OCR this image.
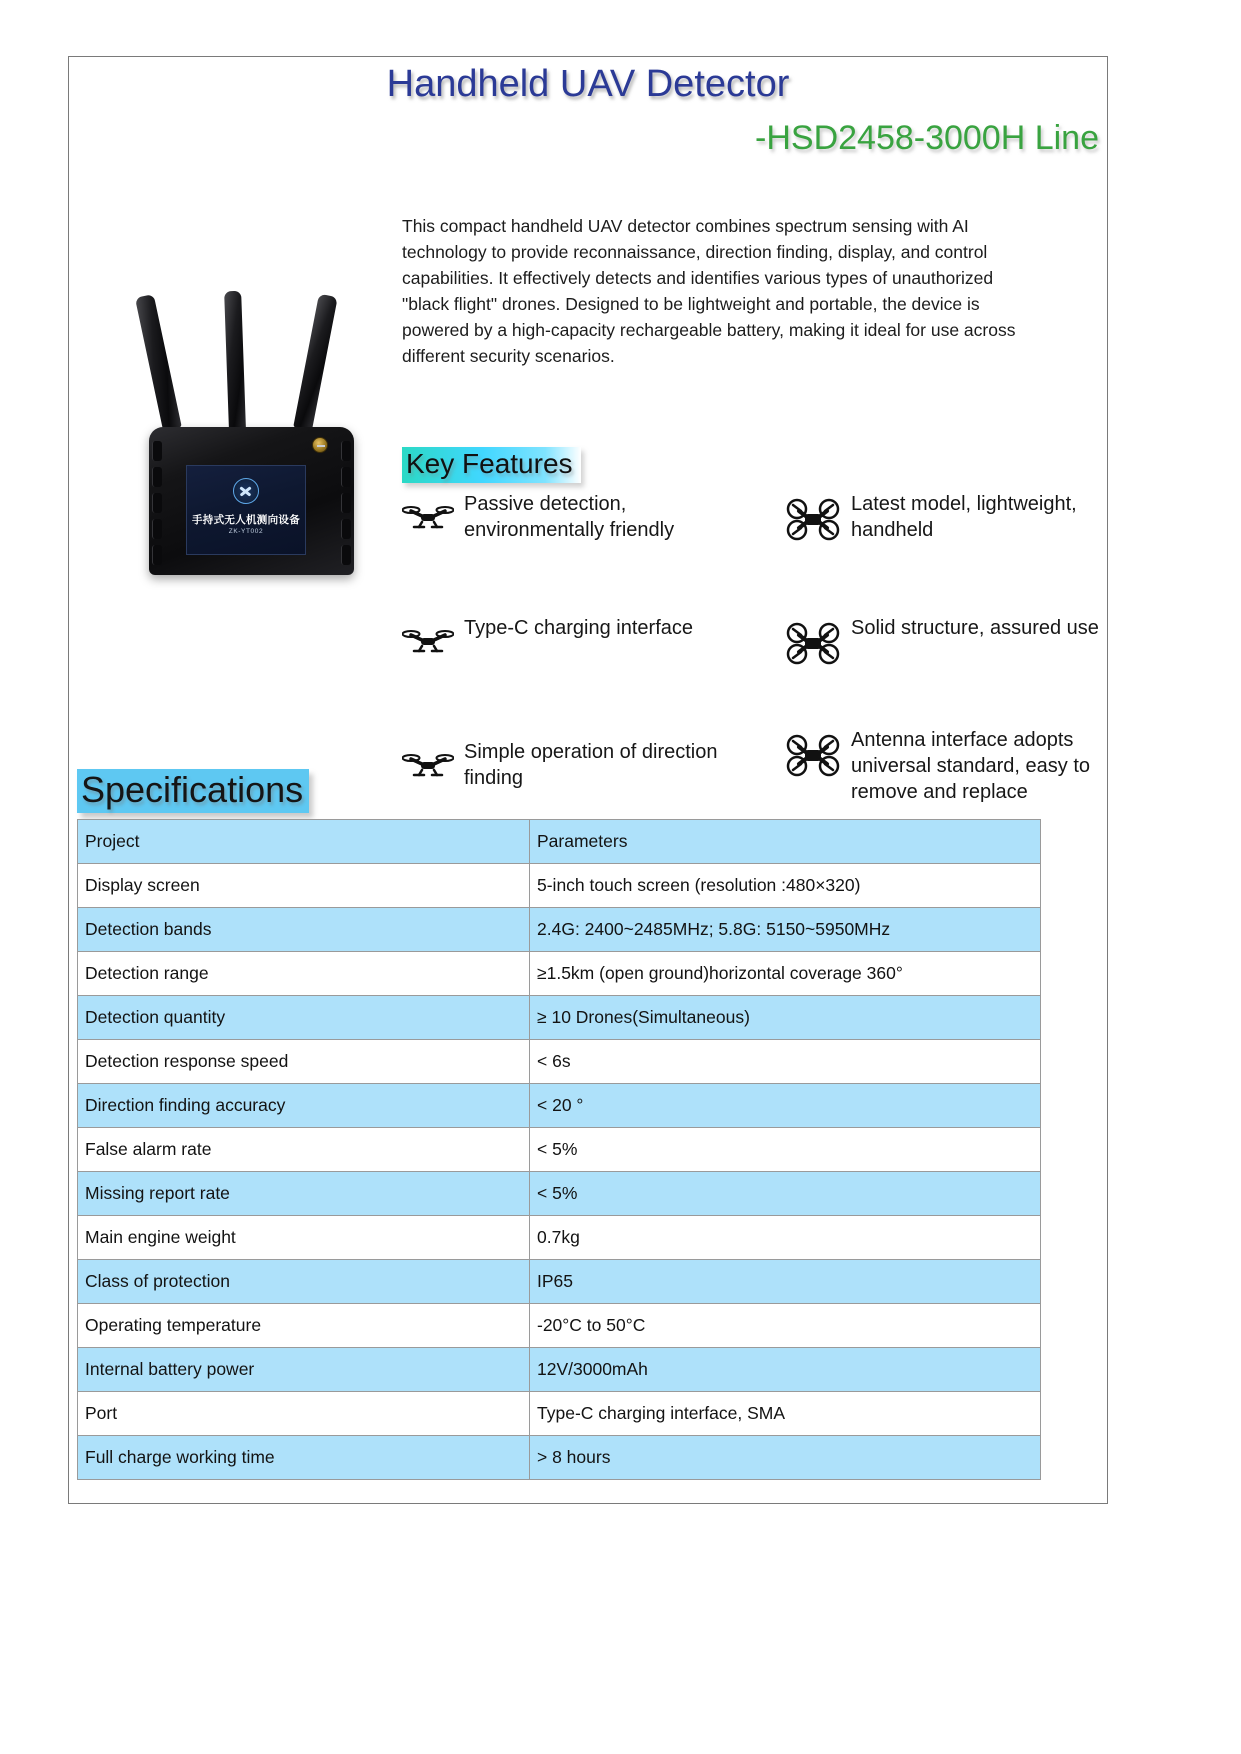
Handheld UAV Detector
-HSD2458-3000H Line
手持式无人机测向设备
ZK-YT002

This compact handheld UAV detector combines spectrum sensing with AI technology to provide reconnaissance, direction finding, display, and control capabilities. It effectively detects and identifies various types of unauthorized "black flight" drones. Designed to be lightweight and portable, the device is powered by a high-capacity rechargeable battery, making it ideal for use across different security scenarios.

Key Features
Passive detection, environmentally friendly
Latest model, lightweight, handheld
Type-C charging interface	Solid structure, assured use
Simple operation of direction finding
Antenna interface adopts universal standard, easy to remove and replace
Specifications
Project	Parameters
Display screen	5-inch touch screen (resolution :480×320)
Detection bands	2.4G: 2400~2485MHz; 5.8G: 5150~5950MHz
Detection range	≥1.5km (open ground)horizontal coverage 360°
Detection quantity	≥ 10 Drones(Simultaneous)
Detection response speed	< 6s
Direction finding accuracy	< 20 °
False alarm rate	< 5%
Missing report rate	< 5%
Main engine weight	0.7kg
Class of protection	IP65
Operating temperature	-20°C to 50°C
Internal battery power	12V/3000mAh
Port	Type-C charging interface, SMA
Full charge working time	> 8 hours
